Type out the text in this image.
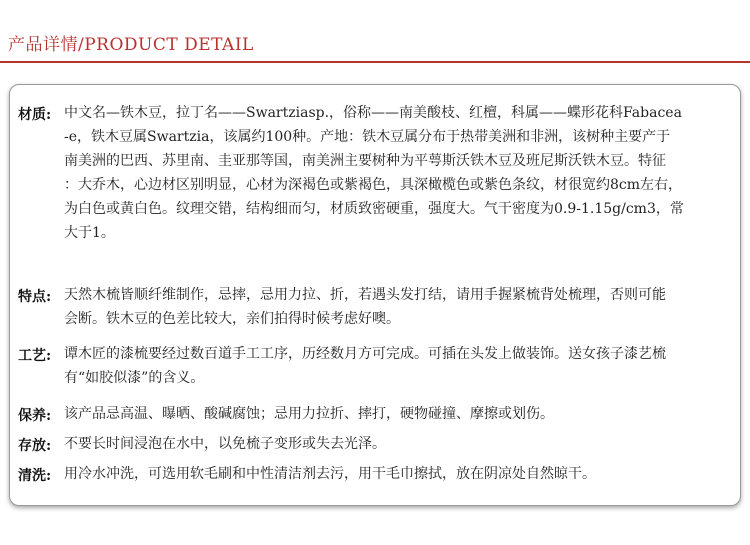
产品详情/PRODUCT DETAIL
材质: 中文名—铁木豆，拉丁名——Swartziasp.，俗称——南美酸枝、红檀，科属——蝶形花科Fabacea
-e，铁木豆属Swartzia，该属约100种。产地：铁木豆属分布于热带美洲和非洲，该树种主要产于
南美洲的巴西、苏里南、圭亚那等国，南美洲主要树种为平萼斯沃铁木豆及班尼斯沃铁木豆。特征
：大乔木，心边材区别明显，心材为深褐色或紫褐色，具深橄榄色或紫色条纹，材很宽约8cm左右，
为白色或黄白色。纹理交错，结构细而匀，材质致密硬重，强度大。气干密度为0.9-1.15g/cm3，常
大于1。
特点: 天然木梳皆顺纤维制作，忌摔，忌用力拉、折，若遇头发打结，请用手握紧梳背处梳理，否则可能
会断。铁木豆的色差比较大，亲们拍得时候考虑好噢。
工艺: 谭木匠的漆梳要经过数百道手工工序，历经数月方可完成。可插在头发上做装饰。送女孩子漆艺梳
有“如胶似漆”的含义。
保养: 该产品忌高温、曝晒、酸碱腐蚀；忌用力拉折、摔打，硬物碰撞、摩擦或划伤。
存放: 不要长时间浸泡在水中，以免梳子变形或失去光泽。
清洗: 用冷水冲洗，可选用软毛刷和中性清洁剂去污，用干毛巾擦拭，放在阴凉处自然晾干。
